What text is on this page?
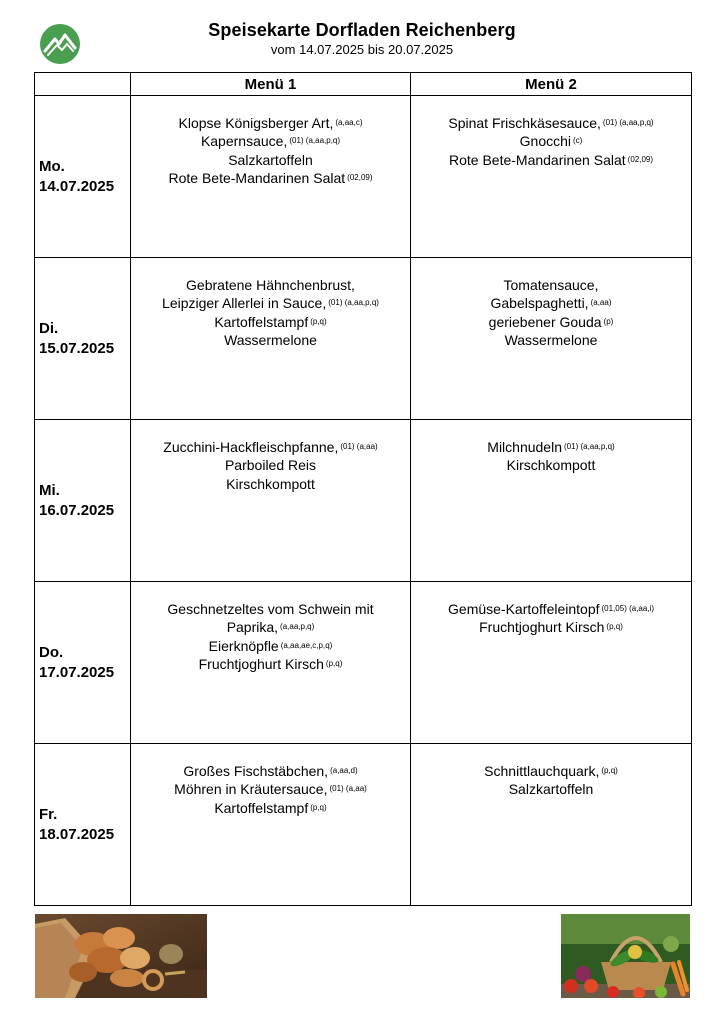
Speisekarte Dorfladen Reichenberg
vom 14.07.2025 bis 20.07.2025
	Menü 1	Menü 2

Mo.
14.07.2025	Klopse Königsberger Art, $^{(a,aa,c)}$
Kapernsauce, $^{(01) (a,aa,p,q)}$
Salzkartoffeln
Rote Bete-Mandarinen Salat $^{(02,09)}$	Spinat Frischkäsesauce, $^{(01) (a,aa,p,q)}$
Gnocchi $^{(c)}$
Rote Bete-Mandarinen Salat $^{(02,09)}$

Di.
15.07.2025	Gebratene Hähnchenbrust,
Leipziger Allerlei in Sauce, $^{(01) (a,aa,p,q)}$
Kartoffelstampf $^{(p,q)}$
Wassermelone	Tomatensauce,
Gabelspaghetti, $^{(a,aa)}$
geriebener Gouda $^{(p)}$
Wassermelone

Mi.
16.07.2025	Zucchini-Hackfleischpfanne, $^{(01) (a,aa)}$
Parboiled Reis
Kirschkompott	Milchnudeln $^{(01) (a,aa,p,q)}$
Kirschkompott

Do.
17.07.2025	Geschnetzeltes vom Schwein mit
Paprika, $^{(a,aa,p,q)}$
Eierknöpfle $^{(a,aa,ae,c,p,q)}$
Fruchtjoghurt Kirsch $^{(p,q)}$	Gemüse-Kartoffeleintopf $^{(01,05) (a,aa,i)}$
Fruchtjoghurt Kirsch $^{(p,q)}$

Fr.
18.07.2025	Großes Fischstäbchen, $^{(a,aa,d)}$
Möhren in Kräutersauce, $^{(01) (a,aa)}$
Kartoffelstampf $^{(p,q)}$	Schnittlauchquark, $^{(p,q)}$
Salzkartoffeln
